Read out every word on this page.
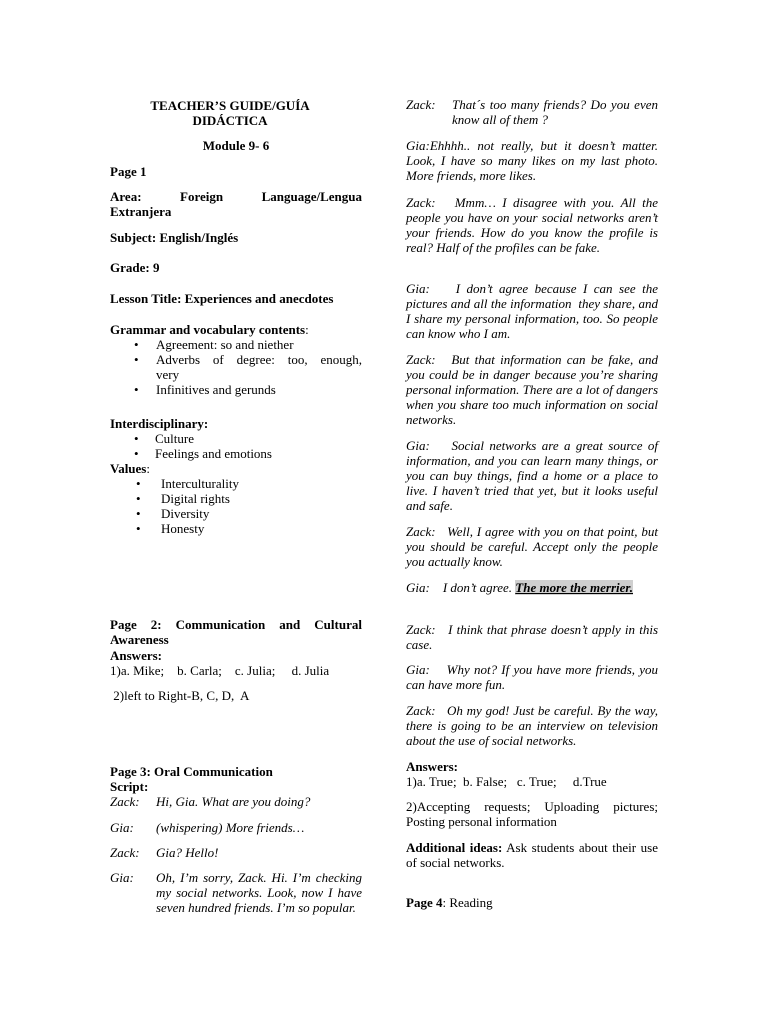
TEACHER’S GUIDE/GUÍA
DIDÁCTICA
Module 9- 6
Page 1
Area:	Foreign	Language/Lengua
Extranjera
Subject: English/Inglés
Grade: 9
Lesson Title: Experiences and anecdotes
Grammar and vocabulary contents:
• Agreement: so and niether
• Adverbs of degree: too, enough,
very
• Infinitives and gerunds
Interdisciplinary:
• Culture
• Feelings and emotions
Values:
• Interculturality
• Digital rights
• Diversity
• Honesty
Page 2: Communication and Cultural
Awareness
Answers:
1)a. Mike;    b. Carla;    c. Julia;     d. Julia
2)left to Right-B, C, D,  A
Page 3: Oral Communication
Script:
Zack: Hi, Gia. What are you doing?
Gia: (whispering) More friends…
Zack: Gia? Hello!
Gia: Oh, I’m sorry, Zack. Hi. I’m checking my social networks. Look, now I have seven hundred friends. I’m so popular.
Zack: That´s too many friends? Do you even know all of them ?
Gia:Ehhhh.. not really, but it doesn’t matter. Look, I have so many likes on my last photo. More friends, more likes.
Zack:   Mmm… I disagree with you. All the people you have on your social networks aren’t your friends. How do you know the profile is real? Half of the profiles can be fake.
Gia:    I don’t agree because I can see the pictures and all the information  they share, and I share my personal information, too. So people can know who I am.
Zack:   But that information can be fake, and you could be in danger because you’re sharing personal information. There are a lot of dangers when you share too much information on social networks.
Gia:    Social networks are a great source of information, and you can learn many things, or you can buy things, find a home or a place to live. I haven’t tried that yet, but it looks useful and safe.
Zack:   Well, I agree with you on that point, but you should be careful. Accept only the people you actually know.
Gia:    I don’t agree. The more the merrier.
Zack:   I think that phrase doesn’t apply in this case.
Gia:    Why not? If you have more friends, you can have more fun.
Zack:   Oh my god! Just be careful. By the way, there is going to be an interview on television about the use of social networks.
Answers:
1)a. True;  b. False;   c. True;     d.True
2)Accepting requests; Uploading pictures; Posting personal information
Additional ideas: Ask students about their use of social networks.
Page 4: Reading
